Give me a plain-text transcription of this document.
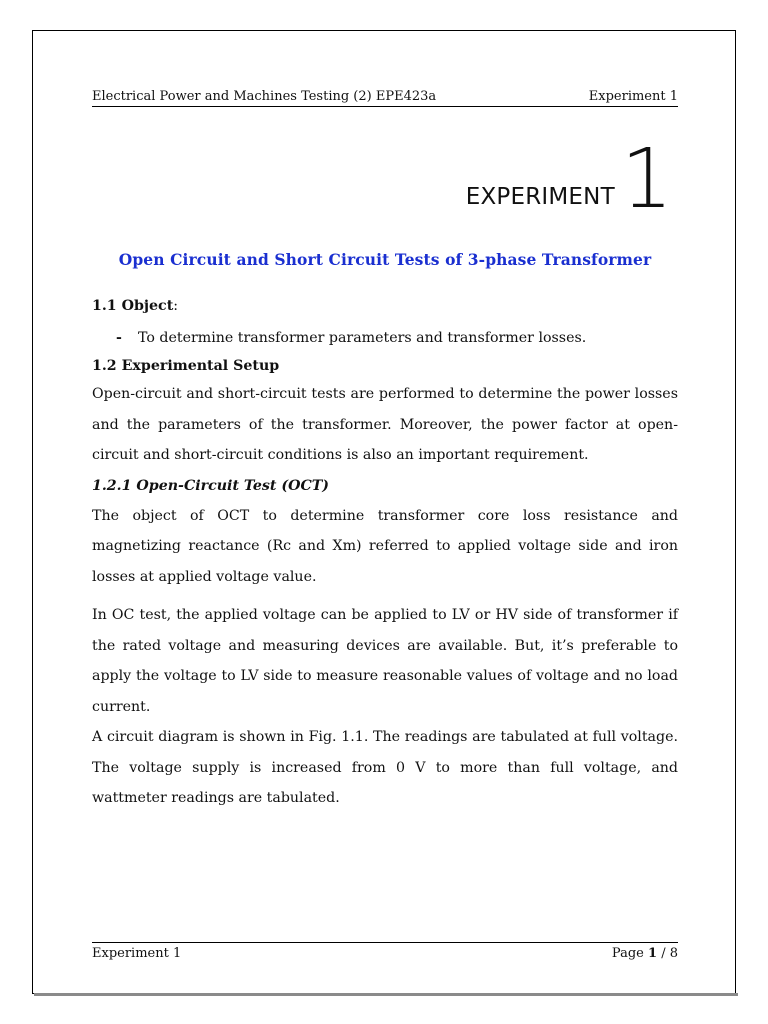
Electrical Power and Machines Testing (2) EPE423a	Experiment 1
EXPERIMENT 1
Open Circuit and Short Circuit Tests of 3-phase Transformer

1.1 Object:

-	To determine transformer parameters and transformer losses.

1.2 Experimental Setup

Open-circuit and short-circuit tests are performed to determine the power losses and the parameters of the transformer. Moreover, the power factor at open-circuit and short-circuit conditions is also an important requirement.

1.2.1 Open-Circuit Test (OCT)

The object of OCT to determine transformer core loss resistance and magnetizing reactance (Rc and Xm) referred to applied voltage side and iron losses at applied voltage value.

In OC test, the applied voltage can be applied to LV or HV side of transformer if the rated voltage and measuring devices are available. But, it’s preferable to apply the voltage to LV side to measure reasonable values of voltage and no load current.

A circuit diagram is shown in Fig. 1.1. The readings are tabulated at full voltage. The voltage supply is increased from 0 V to more than full voltage, and wattmeter readings are tabulated.

Experiment 1	Page 1 / 8
